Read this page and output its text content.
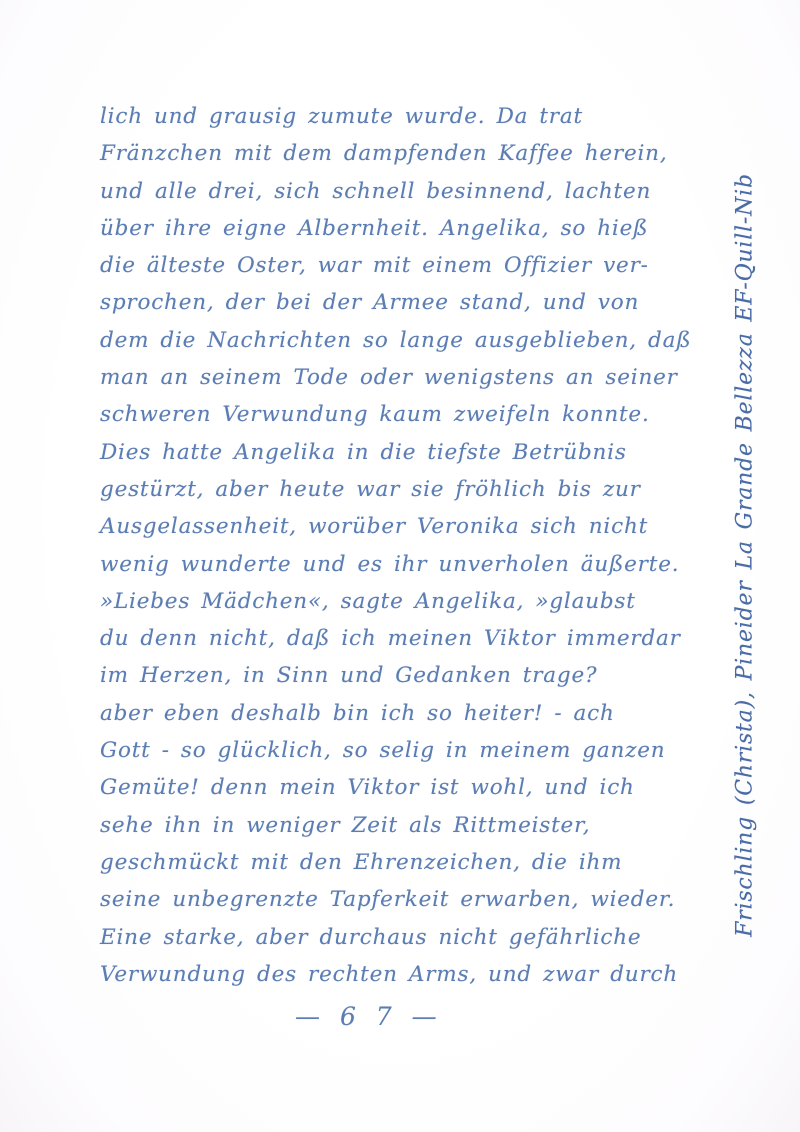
lich und grausig zumute wurde. Da trat
Fränzchen mit dem dampfenden Kaffee herein,
und alle drei, sich schnell besinnend, lachten
über ihre eigne Albernheit. Angelika, so hieß
die älteste Oster, war mit einem Offizier ver-
sprochen, der bei der Armee stand, und von
dem die Nachrichten so lange ausgeblieben, daß
man an seinem Tode oder wenigstens an seiner
schweren Verwundung kaum zweifeln konnte.
Dies hatte Angelika in die tiefste Betrübnis
gestürzt, aber heute war sie fröhlich bis zur
Ausgelassenheit, worüber Veronika sich nicht
wenig wunderte und es ihr unverholen äußerte.
»Liebes Mädchen«, sagte Angelika, »glaubst
du denn nicht, daß ich meinen Viktor immerdar
im Herzen, in Sinn und Gedanken trage?
aber eben deshalb bin ich so heiter! - ach
Gott - so glücklich, so selig in meinem ganzen
Gemüte! denn mein Viktor ist wohl, und ich
sehe ihn in weniger Zeit als Rittmeister,
geschmückt mit den Ehrenzeichen, die ihm
seine unbegrenzte Tapferkeit erwarben, wieder.
Eine starke, aber durchaus nicht gefährliche
Verwundung des rechten Arms, und zwar durch
Frischling (Christa), Pineider La Grande Bellezza EF-Quill-Nib
— 6 7 —
